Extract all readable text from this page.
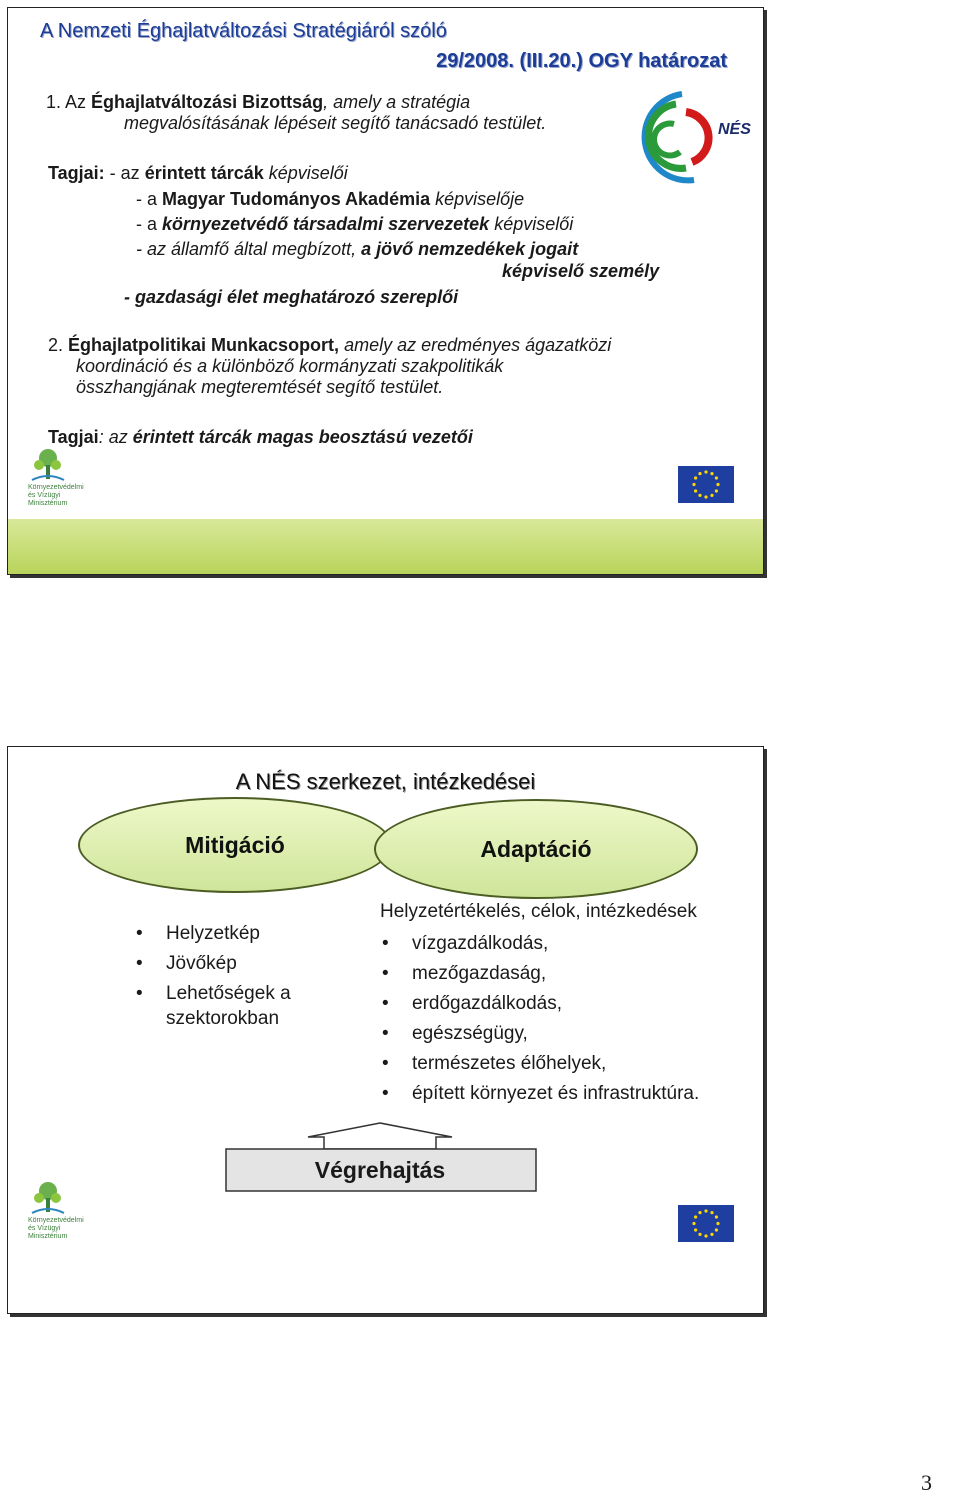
A Nemzeti Éghajlatváltozási Stratégiáról szóló
29/2008. (III.20.) OGY határozat
NÉS
1. Az Éghajlatváltozási Bizottság, amely a stratégia
megvalósításának lépéseit segítő tanácsadó testület.
Tagjai: - az érintett tárcák képviselői
- a Magyar Tudományos Akadémia képviselője
- a környezetvédő társadalmi szervezetek képviselői
- az államfő által megbízott, a jövő nemzedékek jogait
képviselő személy
- gazdasági élet meghatározó szereplői
2. Éghajlatpolitikai Munkacsoport, amely az eredményes ágazatközi
koordináció és a különböző kormányzati szakpolitikák
összhangjának megteremtését segítő testület.
Tagjai: az érintett tárcák magas beosztású vezetői
Környezetvédelmi
és Vízügyi
Minisztérium
A NÉS szerkezet, intézkedései
Mitigáció	Adaptáció
• Helyzetkép
• Jövőkép
• Lehetőségek a szektorokban
Helyzetértékelés, célok, intézkedések
• vízgazdálkodás,
• mezőgazdaság,
• erdőgazdálkodás,
• egészségügy,
• természetes élőhelyek,
• épített környezet és infrastruktúra.
Végrehajtás
Környezetvédelmi
és Vízügyi
Minisztérium
3
